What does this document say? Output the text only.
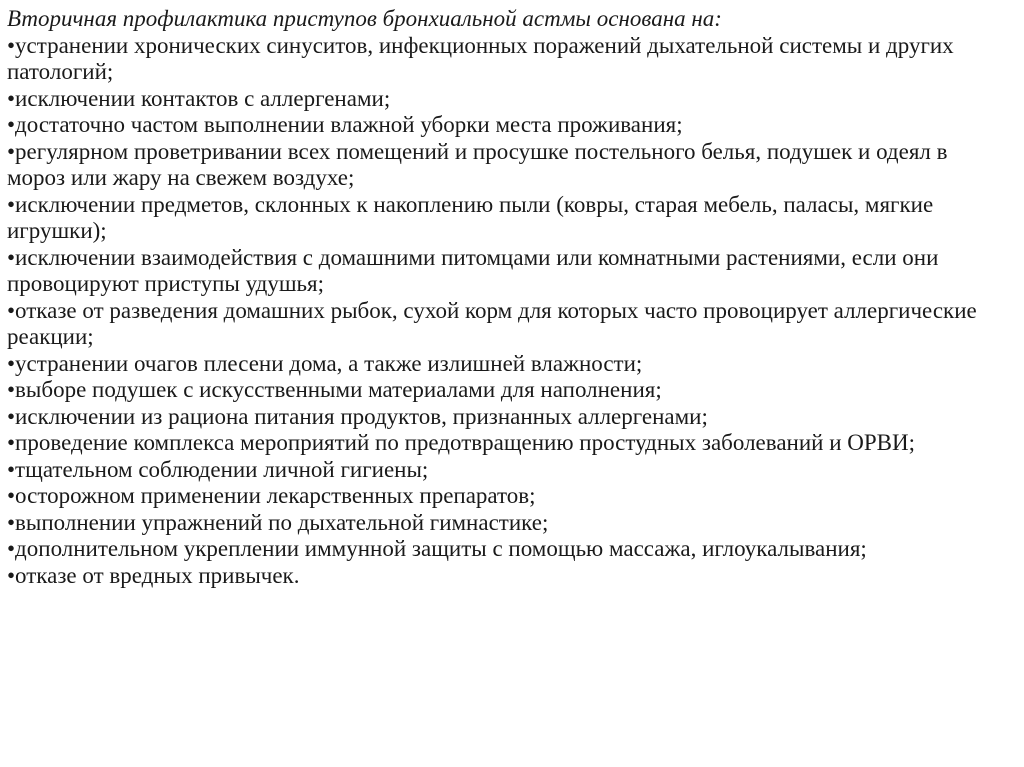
Вторичная профилактика приступов бронхиальной астмы основана на:

•устранении хронических синуситов, инфекционных поражений дыхательной системы и других патологий;
•исключении контактов с аллергенами;
•достаточно частом выполнении влажной уборки места проживания;
•регулярном проветривании всех помещений и просушке постельного белья, подушек и одеял в мороз или жару на свежем воздухе;
•исключении предметов, склонных к накоплению пыли (ковры, старая мебель, паласы, мягкие игрушки);
•исключении взаимодействия с домашними питомцами или комнатными растениями, если они провоцируют приступы удушья;
•отказе от разведения домашних рыбок, сухой корм для которых часто провоцирует аллергические реакции;
•устранении очагов плесени дома, а также излишней влажности;
•выборе подушек с искусственными материалами для наполнения;
•исключении из рациона питания продуктов, признанных аллергенами;
•проведение комплекса мероприятий по предотвращению простудных заболеваний и ОРВИ;
•тщательном соблюдении личной гигиены;
•осторожном применении лекарственных препаратов;
•выполнении упражнений по дыхательной гимнастике;
•дополнительном укреплении иммунной защиты с помощью массажа, иглоукалывания;
•отказе от вредных привычек.
